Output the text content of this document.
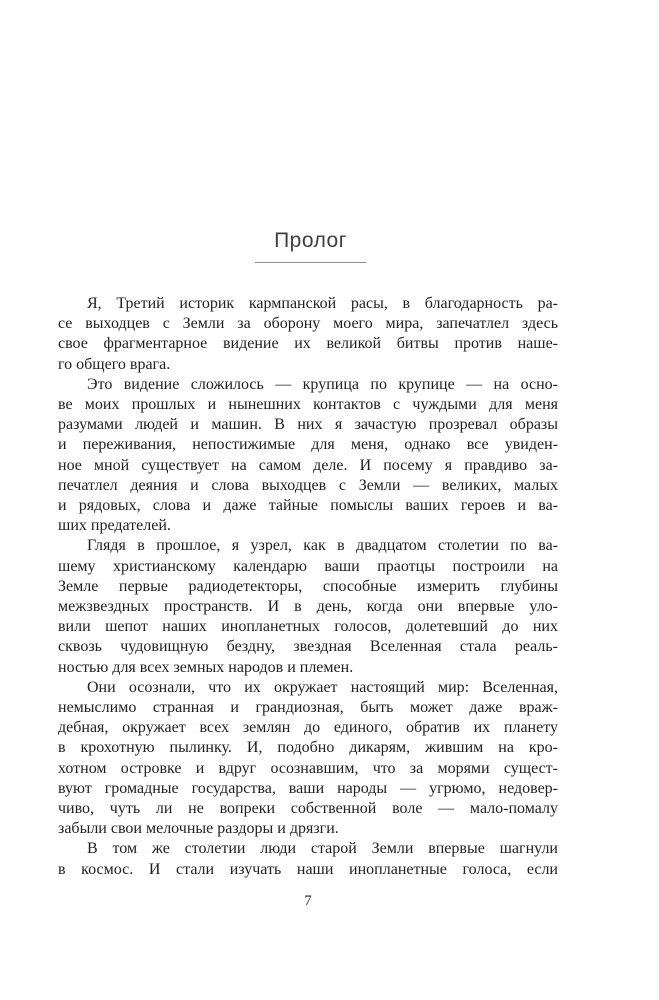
Пролог
Я, Третий историк кармпанской расы, в благодарность ра-
се выходцев с Земли за оборону моего мира, запечатлел здесь
свое фрагментарное видение их великой битвы против наше-
го общего врага.
Это видение сложилось — крупица по крупице — на осно-
ве моих прошлых и нынешних контактов с чуждыми для меня
разумами людей и машин. В них я зачастую прозревал образы
и переживания, непостижимые для меня, однако все увиден-
ное мной существует на самом деле. И посему я правдиво за-
печатлел деяния и слова выходцев с Земли — великих, малых
и рядовых, слова и даже тайные помыслы ваших героев и ва-
ших предателей.
Глядя в прошлое, я узрел, как в двадцатом столетии по ва-
шему христианскому календарю ваши праотцы построили на
Земле первые радиодетекторы, способные измерить глубины
межзвездных пространств. И в день, когда они впервые уло-
вили шепот наших инопланетных голосов, долетевший до них
сквозь чудовищную бездну, звездная Вселенная стала реаль-
ностью для всех земных народов и племен.
Они осознали, что их окружает настоящий мир: Вселенная,
немыслимо странная и грандиозная, быть может даже враж-
дебная, окружает всех землян до единого, обратив их планету
в крохотную пылинку. И, подобно дикарям, жившим на кро-
хотном островке и вдруг осознавшим, что за морями сущест-
вуют громадные государства, ваши народы — угрюмо, недовер-
чиво, чуть ли не вопреки собственной воле — мало-помалу
забыли свои мелочные раздоры и дрязги.
В том же столетии люди старой Земли впервые шагнули
в космос. И стали изучать наши инопланетные голоса, если
7
